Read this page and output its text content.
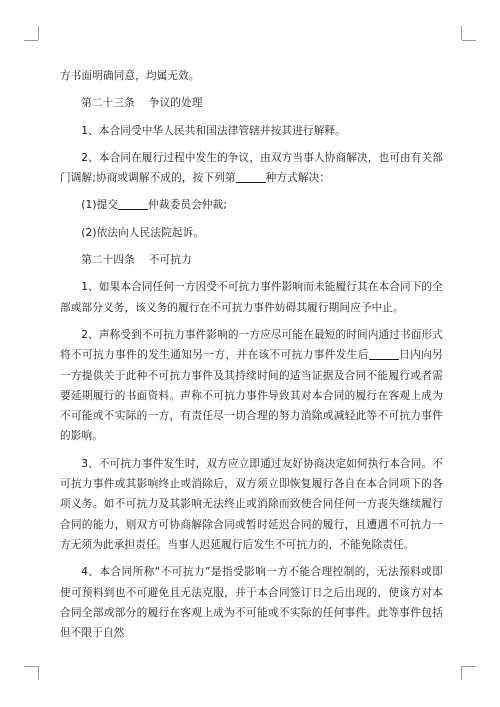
方书面明确同意，均属无效。

第二十三条 争议的处理

1、本合同受中华人民共和国法律管辖并按其进行解释。

2、本合同在履行过程中发生的争议，由双方当事人协商解决，也可由有关部门调解;协商或调解不成的，按下列第	种方式解决：

(1)提交	仲裁委员会仲裁;

(2)依法向人民法院起诉。

第二十四条 不可抗力

1、如果本合同任何一方因受不可抗力事件影响而未能履行其在本合同下的全部或部分义务，该义务的履行在不可抗力事件妨碍其履行期间应予中止。

2、声称受到不可抗力事件影响的一方应尽可能在最短的时间内通过书面形式将不可抗力事件的发生通知另一方，并在该不可抗力事件发生后	日内向另一方提供关于此种不可抗力事件及其持续时间的适当证据及合同不能履行或者需要延期履行的书面资料。声称不可抗力事件导致其对本合同的履行在客观上成为不可能或不实际的一方，有责任尽一切合理的努力消除或减轻此等不可抗力事件的影响。

3、不可抗力事件发生时，双方应立即通过友好协商决定如何执行本合同。不可抗力事件或其影响终止或消除后，双方须立即恢复履行各自在本合同项下的各项义务。如不可抗力及其影响无法终止或消除而致使合同任何一方丧失继续履行合同的能力，则双方可协商解除合同或暂时延迟合同的履行，且遭遇不可抗力一方无须为此承担责任。当事人迟延履行后发生不可抗力的，不能免除责任。

4、本合同所称“不可抗力”是指受影响一方不能合理控制的，无法预料或即使可预料到也不可避免且无法克服，并于本合同签订日之后出现的，使该方对本合同全部或部分的履行在客观上成为不可能或不实际的任何事件。此等事件包括但不限于自然
